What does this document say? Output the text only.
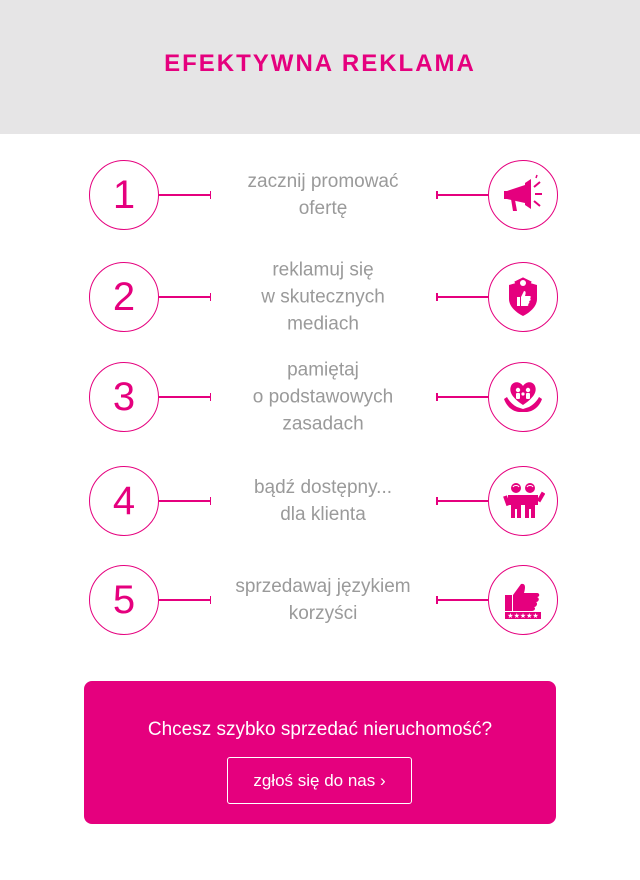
EFEKTYWNA REKLAMA
1	zacznij promować
ofertę
2
reklamuj się
w skutecznych
mediach
3
pamiętaj
o podstawowych
zasadach
4	bądź dostępny...
dla klienta
5	sprzedawaj językiem
korzyści	★★★★★
Chcesz szybko sprzedać nieruchomość?
zgłoś się do nas ›
